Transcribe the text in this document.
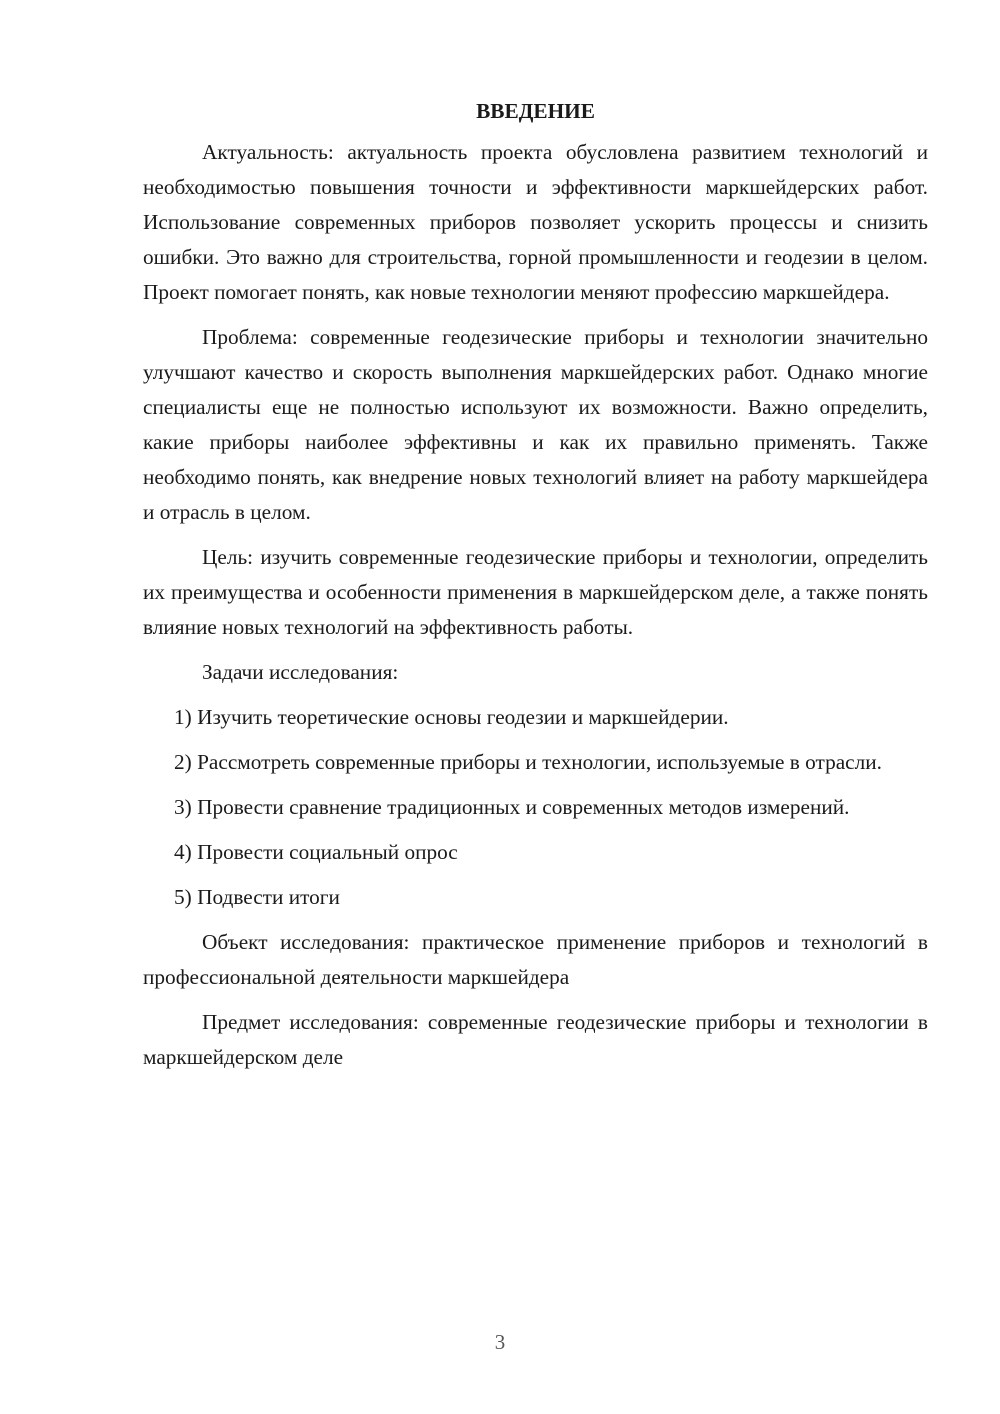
ВВЕДЕНИЕ

Актуальность: актуальность проекта обусловлена развитием технологий и необходимостью повышения точности и эффективности маркшейдерских работ. Использование современных приборов позволяет ускорить процессы и снизить ошибки. Это важно для строительства, горной промышленности и геодезии в целом. Проект помогает понять, как новые технологии меняют профессию маркшейдера.

Проблема: современные геодезические приборы и технологии значительно улучшают качество и скорость выполнения маркшейдерских работ. Однако многие специалисты еще не полностью используют их возможности. Важно определить, какие приборы наиболее эффективны и как их правильно применять. Также необходимо понять, как внедрение новых технологий влияет на работу маркшейдера и отрасль в целом.

Цель: изучить современные геодезические приборы и технологии, определить их преимущества и особенности применения в маркшейдерском деле, а также понять влияние новых технологий на эффективность работы.

Задачи исследования:

1) Изучить теоретические основы геодезии и маркшейдерии.

2) Рассмотреть современные приборы и технологии, используемые в отрасли.

3) Провести сравнение традиционных и современных методов измерений.

4) Провести социальный опрос

5) Подвести итоги

Объект исследования: практическое применение приборов и технологий в профессиональной деятельности маркшейдера

Предмет исследования: современные геодезические приборы и технологии в маркшейдерском деле

3
